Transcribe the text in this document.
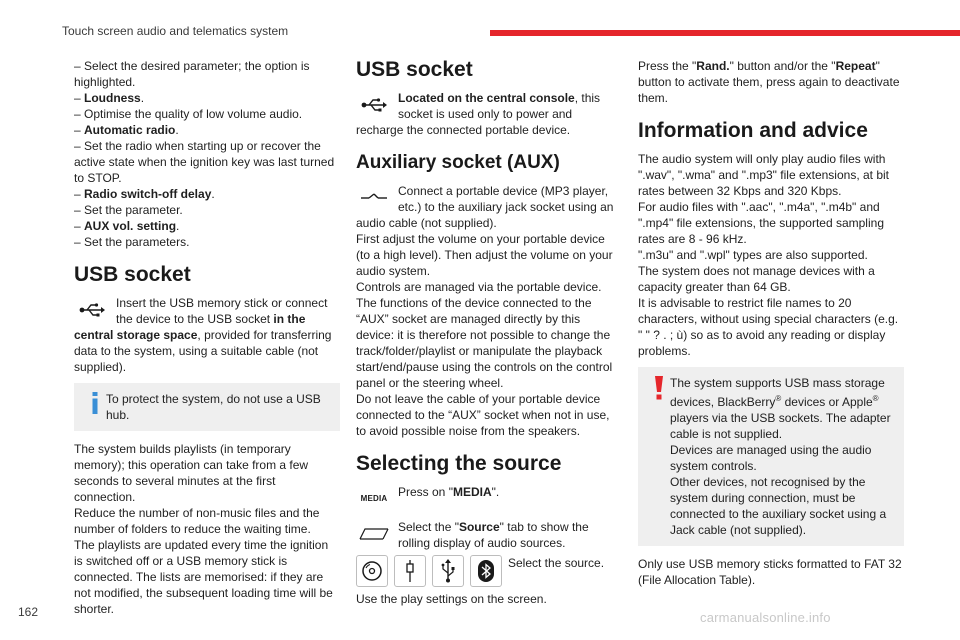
Touch screen audio and telematics system

– Select the desired parameter; the option is highlighted.

– Loudness.

– Optimise the quality of low volume audio.

– Automatic radio.

– Set the radio when starting up or recover the active state when the ignition key was last turned to STOP.

– Radio switch-off delay.

– Set the parameter.

– AUX vol. setting.

– Set the parameters.

USB socket

Insert the USB memory stick or connect the device to the USB socket in the central storage space, provided for transferring data to the system, using a suitable cable (not supplied).

To protect the system, do not use a USB hub.

The system builds playlists (in temporary memory); this operation can take from a few seconds to several minutes at the first connection.

Reduce the number of non-music files and the number of folders to reduce the waiting time.

The playlists are updated every time the ignition is switched off or a USB memory stick is connected. The lists are memorised: if they are not modified, the subsequent loading time will be shorter.

USB socket

Located on the central console, this socket is used only to power and recharge the connected portable device.

Auxiliary socket (AUX)

Connect a portable device (MP3 player, etc.) to the auxiliary jack socket using an audio cable (not supplied).

First adjust the volume on your portable device (to a high level). Then adjust the volume on your audio system.

Controls are managed via the portable device. The functions of the device connected to the “AUX” socket are managed directly by this device: it is therefore not possible to change the track/folder/playlist or manipulate the playback start/end/pause using the controls on the control panel or the steering wheel.

Do not leave the cable of your portable device connected to the “AUX” socket when not in use, to avoid possible noise from the speakers.

Selecting the source

MEDIA Press on "MEDIA".

Select the "Source" tab to show the rolling display of audio sources.

Select the source.

Use the play settings on the screen.

Press the "Rand." button and/or the "Repeat" button to activate them, press again to deactivate them.

Information and advice

The audio system will only play audio files with ".wav", ".wma" and ".mp3" file extensions, at bit rates between 32 Kbps and 320 Kbps.

For audio files with ".aac", ".m4a", ".m4b" and ".mp4" file extensions, the supported sampling rates are 8 - 96 kHz.

".m3u" and ".wpl" types are also supported.

The system does not manage devices with a capacity greater than 64 GB.

It is advisable to restrict file names to 20 characters, without using special characters (e.g. " " ? . ; ù) so as to avoid any reading or display problems.

The system supports USB mass storage devices, BlackBerry® devices or Apple® players via the USB sockets. The adapter cable is not supplied.

Devices are managed using the audio system controls.

Other devices, not recognised by the system during connection, must be connected to the auxiliary socket using a Jack cable (not supplied).

Only use USB memory sticks formatted to FAT 32 (File Allocation Table).

162	carmanualsonline.info
